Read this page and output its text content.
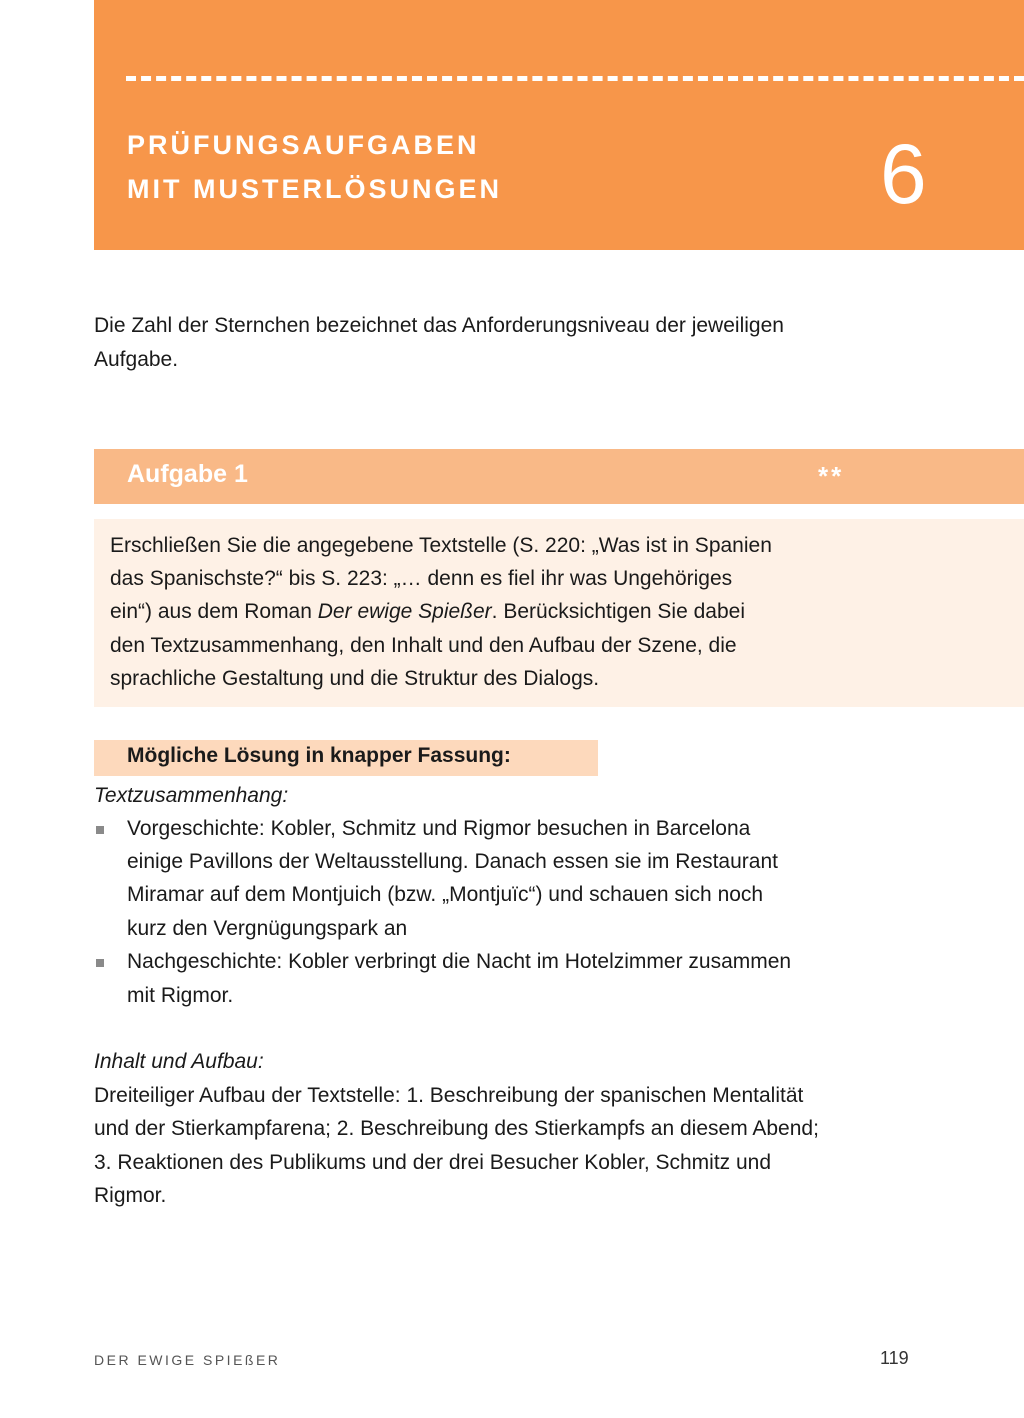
PRÜFUNGSAUFGABEN
MIT MUSTERLÖSUNGEN	6
Die Zahl der Sternchen bezeichnet das Anforderungsniveau der jeweiligen
Aufgabe.
Aufgabe 1	**
Erschließen Sie die angegebene Textstelle (S. 220: „Was ist in Spanien
das Spanischste?“ bis S. 223: „… denn es fiel ihr was Ungehöriges
ein“) aus dem Roman Der ewige Spießer. Berücksichtigen Sie dabei
den Textzusammenhang, den Inhalt und den Aufbau der Szene, die
sprachliche Gestaltung und die Struktur des Dialogs.
Mögliche Lösung in knapper Fassung:
Textzusammenhang:
Vorgeschichte: Kobler, Schmitz und Rigmor besuchen in Barcelona
einige Pavillons der Weltausstellung. Danach essen sie im Restaurant
Miramar auf dem Montjuich (bzw. „Montjuïc“) und schauen sich noch
kurz den Vergnügungspark an
Nachgeschichte: Kobler verbringt die Nacht im Hotelzimmer zusammen
mit Rigmor.
Inhalt und Aufbau:
Dreiteiliger Aufbau der Textstelle: 1. Beschreibung der spanischen Mentalität
und der Stierkampfarena; 2. Beschreibung des Stierkampfs an diesem Abend;
3. Reaktionen des Publikums und der drei Besucher Kobler, Schmitz und
Rigmor.
DER EWIGE SPIEßER	119
